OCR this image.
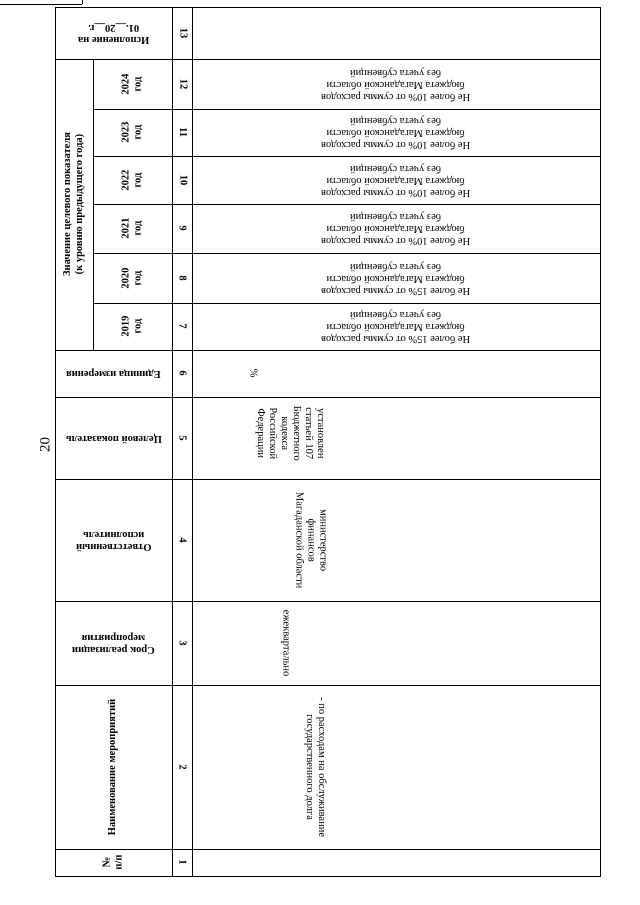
20
Исполнение на
01.__20__г.
Значение целевого показателя
(к уровню предыдущего года)
2024
год
2023
год
2022
год
2021
год
2020
год
2019
год
Единица измерения
Целевой показатель
Ответственный
исполнитель
Срок реализации
мероприятия
Наименование мероприятий
№
п/п
13
12
11
10
9
8
7
6
5
4
3
2
1
Не более 10% от суммы расходов
бюджета Магаданской области
без учета субвенций
Не более 10% от суммы расходов
бюджета Магаданской области
без учета субвенций
Не более 10% от суммы расходов
бюджета Магаданской области
без учета субвенций
Не более 10% от суммы расходов
бюджета Магаданской области
без учета субвенций
Не более 15% от суммы расходов
бюджета Магаданской области
без учета субвенций
Не более 15% от суммы расходов
бюджета Магаданской области
без учета субвенций
%
установлен
статьей 107
Бюджетного
кодекса
Российской
Федерации
министерство
финансов
Магаданской области
ежеквартально
- по расходам на обслуживание
государственного долга
